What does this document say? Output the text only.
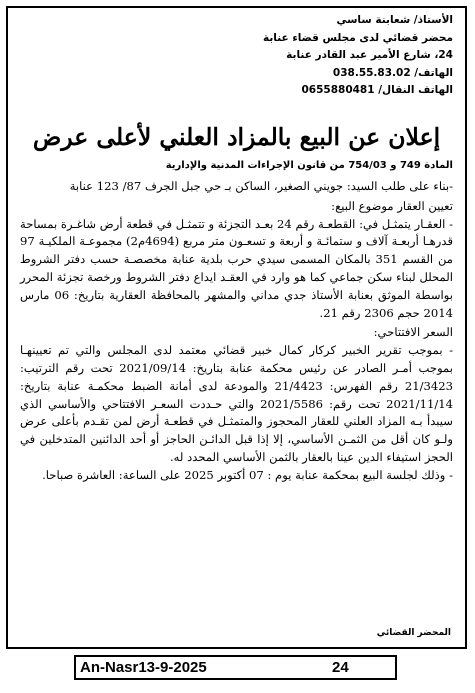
الأستاذ/ شعابنة ساسي
محضر قضائي لدى مجلس قضاء عنابة
24، شارع الأمير عبد القادر عنابة
الهاتف/ 038.55.83.02
الهاتف النقال/ 0655880481
إعلان عن البيع بالمزاد العلني لأعلى عرض
المادة 749 و 754/03 من قانون الإجراءات المدنية والإدارية

-بناء على طلب السيد: جويني الصغير، الساكن بـ حي جبل الجرف 87/ 123 عنابة

تعيين العقار موضوع البيع:

- العقـار يتمثـل في: القطعـة رقم 24 بعـد التجزئة و تتمثـل في قطعة أرض شاغـرة بمساحة قدرهـا أربعـة آلاف و ستمائـة و أربعة و تسعـون متر مربع (4694م2) مجموعـة الملكيـة 97 من القسم 351 بالمكان المسمى سيدي حرب بلدية عنابة مخصصـة حسب دفتر الشروط المحلل لبناء سكن جماعي كما هو وارد في العقـد ايداع دفتر الشروط ورخصة تجزئة المحرر بواسطة الموثق بعنابة الأستاذ جدي مداني والمشهر بالمحافظة العقارية بتاريخ: 06 مارس 2014 حجم 2306 رقم 21.

السعر الافتتاحي:

- بموجب تقرير الخبير كركار كمال خبير قضائي معتمد لدى المجلس والتي تم تعيينهـا بموجب أمـر الصادر عن رئيس محكمة عنابة بتاريخ: 2021/09/14 تحت رقم الترتيب: 21/3423 رقم الفهرس: 21/4423 والمودعة لدى أمانة الضبط محكمـة عنابة بتاريخ: 2021/11/14 تحت رقم: 2021/5586 والتي حـددت السعـر الافتتاحي والأساسي الذي سيبدأ بـه المزاد العلني للعقار المحجوز والمتمثـل في قطعـة أرض لمن تقـدم بأعلى عرض ولـو كان أقل من الثمـن الأساسي، إلا إذا قبل الدائـن الحاجز أو أحد الدائنين المتدخلين في الحجز استيفاء الدين عينا بالعقار بالثمن الأساسي المحدد له.

- وذلك لجلسة البيع بمحكمة عنابة يوم : 07 أكتوبر 2025 على الساعة: العاشرة صباحا.

المحضر القضائي
An-Nasr13-9-2025	24
